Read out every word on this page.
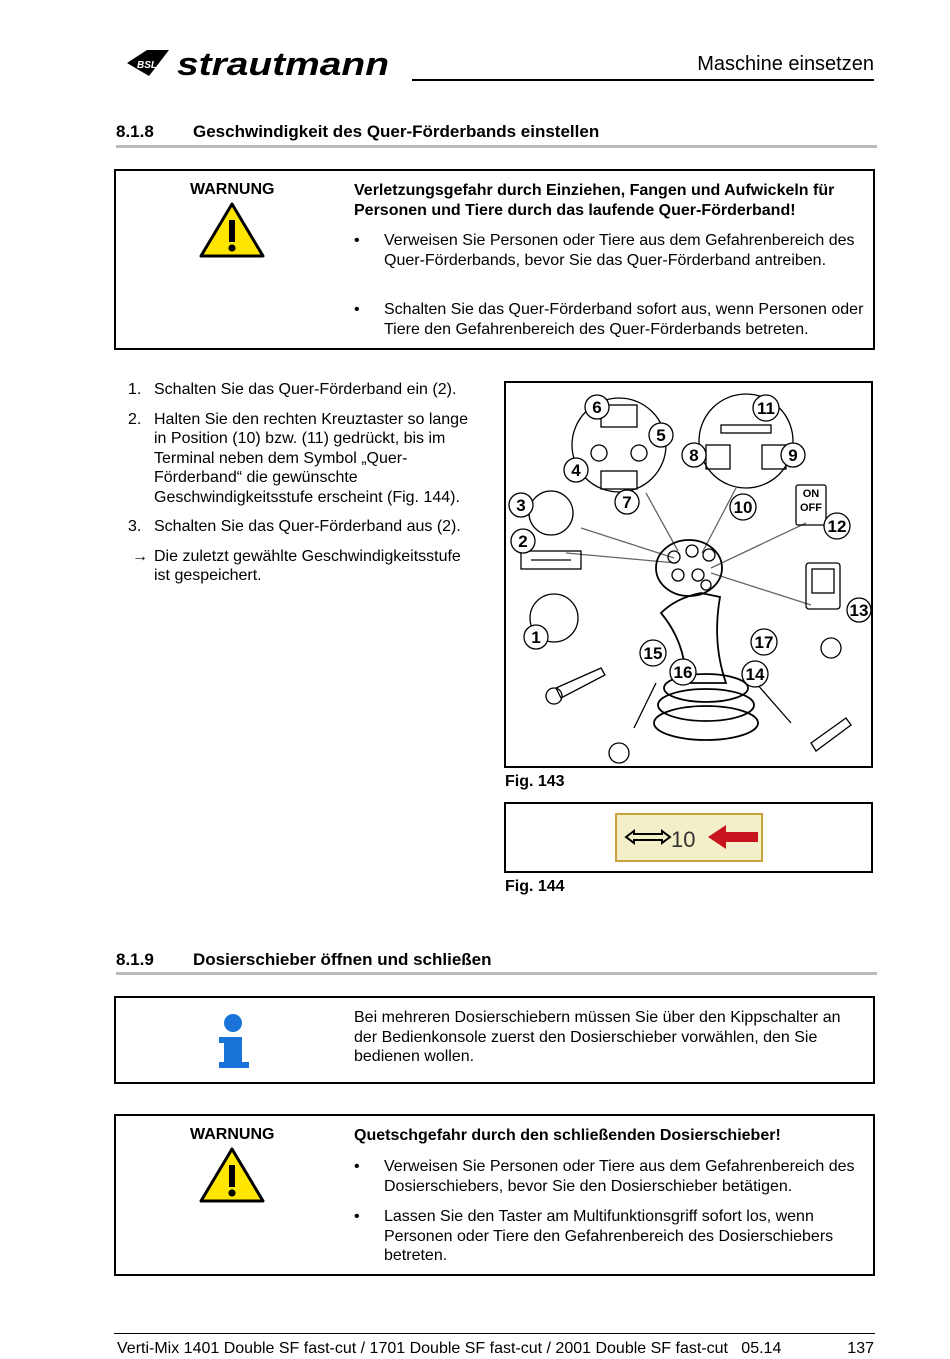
BSL strautmann	Maschine einsetzen
8.1.8 Geschwindigkeit des Quer-Förderbands einstellen
WARNUNG	Verletzungsgefahr durch Einziehen, Fangen und Aufwickeln für Personen und Tiere durch das laufende Quer-Förderband!
• Verweisen Sie Personen oder Tiere aus dem Gefahrenbereich des Quer-Förderbands, bevor Sie das Quer-Förderband antreiben.
• Schalten Sie das Quer-Förderband sofort aus, wenn Personen oder Tiere den Gefahrenbereich des Quer-Förderbands betreten.
1. Schalten Sie das Quer-Förderband ein (2).
2. Halten Sie den rechten Kreuztaster so lange in Position (10) bzw. (11) gedrückt, bis im Terminal neben dem Symbol „Quer-Förderband“ die gewünschte Geschwindigkeitsstufe erscheint (Fig. 144).
3. Schalten Sie das Quer-Förderband aus (2).
→ Die zuletzt gewählte Geschwindigkeitsstufe ist gespeichert.
ON
OFF
1
2
3
4
5
6
7
8	9
10
11
12
13
14
15
16
17
Fig. 143
10
Fig. 144
8.1.9 Dosierschieber öffnen und schließen
Bei mehreren Dosierschiebern müssen Sie über den Kippschalter an der Bedienkonsole zuerst den Dosierschieber vorwählen, den Sie bedienen wollen.
WARNUNG	Quetschgefahr durch den schließenden Dosierschieber!
• Verweisen Sie Personen oder Tiere aus dem Gefahrenbereich des Dosierschiebers, bevor Sie den Dosierschieber betätigen.
• Lassen Sie den Taster am Multifunktionsgriff sofort los, wenn Personen oder Tiere den Gefahrenbereich des Dosierschiebers betreten.
Verti-Mix 1401 Double SF fast-cut / 1701 Double SF fast-cut / 2001 Double SF fast-cut   05.14	137
